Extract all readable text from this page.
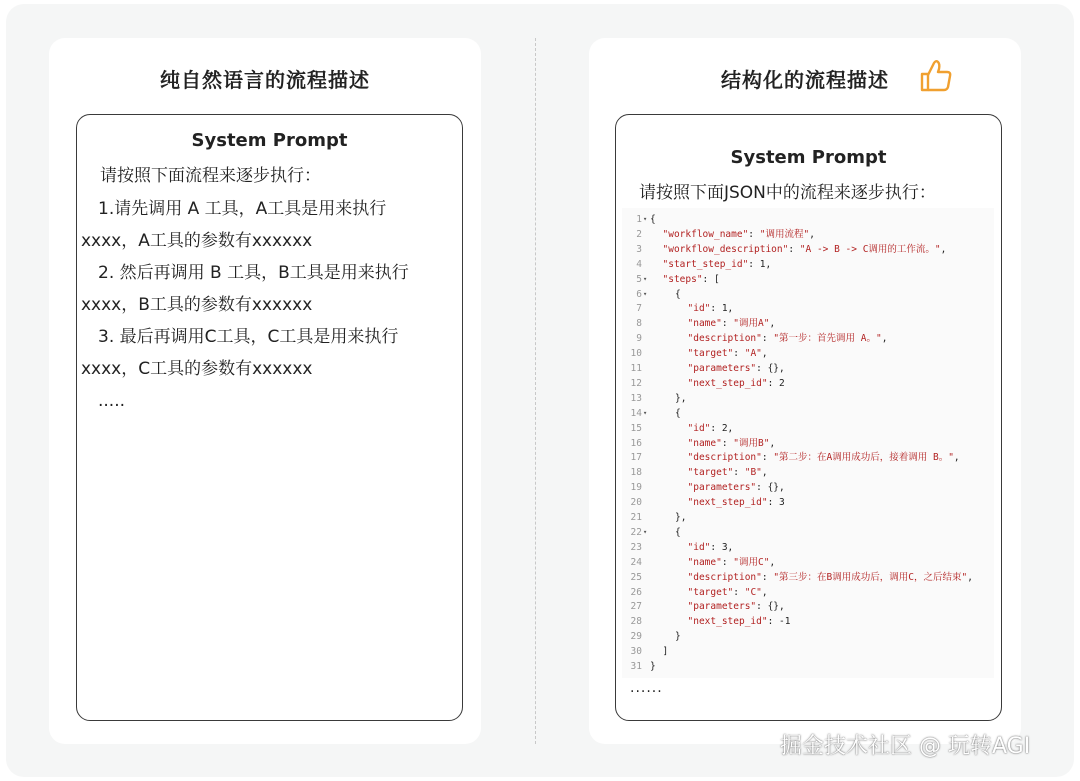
纯自然语言的流程描述	结构化的流程描述
System Prompt
请按照下面流程来逐步执行：
1.请先调用 A 工具，A工具是用来执行
xxxx，A工具的参数有xxxxxx
2. 然后再调用 B 工具，B工具是用来执行
xxxx，B工具的参数有xxxxxx
3. 最后再调用C工具，C工具是用来执行
xxxx，C工具的参数有xxxxxx
.....
System Prompt
请按照下面JSON中的流程来逐步执行：
1 ▾ {
2 "workflow_name": "调用流程",
3 "workflow_description": "A -> B -> C调用的工作流。",
4 "start_step_id": 1,
5 ▾ "steps": [
6 ▾	{
7	"id": 1,
8	"name": "调用A",
9	"description": "第一步：首先调用 A。",
10	"target": "A",
11	"parameters": {},
12	"next_step_id": 2
13	},
14 ▾	{
15	"id": 2,
16	"name": "调用B",
17	"description": "第二步：在A调用成功后，接着调用 B。",
18	"target": "B",
19	"parameters": {},
20	"next_step_id": 3
21	},
22 ▾	{
23	"id": 3,
24	"name": "调用C",
25	"description": "第三步：在B调用成功后，调用C，之后结束",
26	"target": "C",
27	"parameters": {},
28	"next_step_id": -1
29	}
30 ]
31 }
......
掘金技术社区 @ 玩转AGI
